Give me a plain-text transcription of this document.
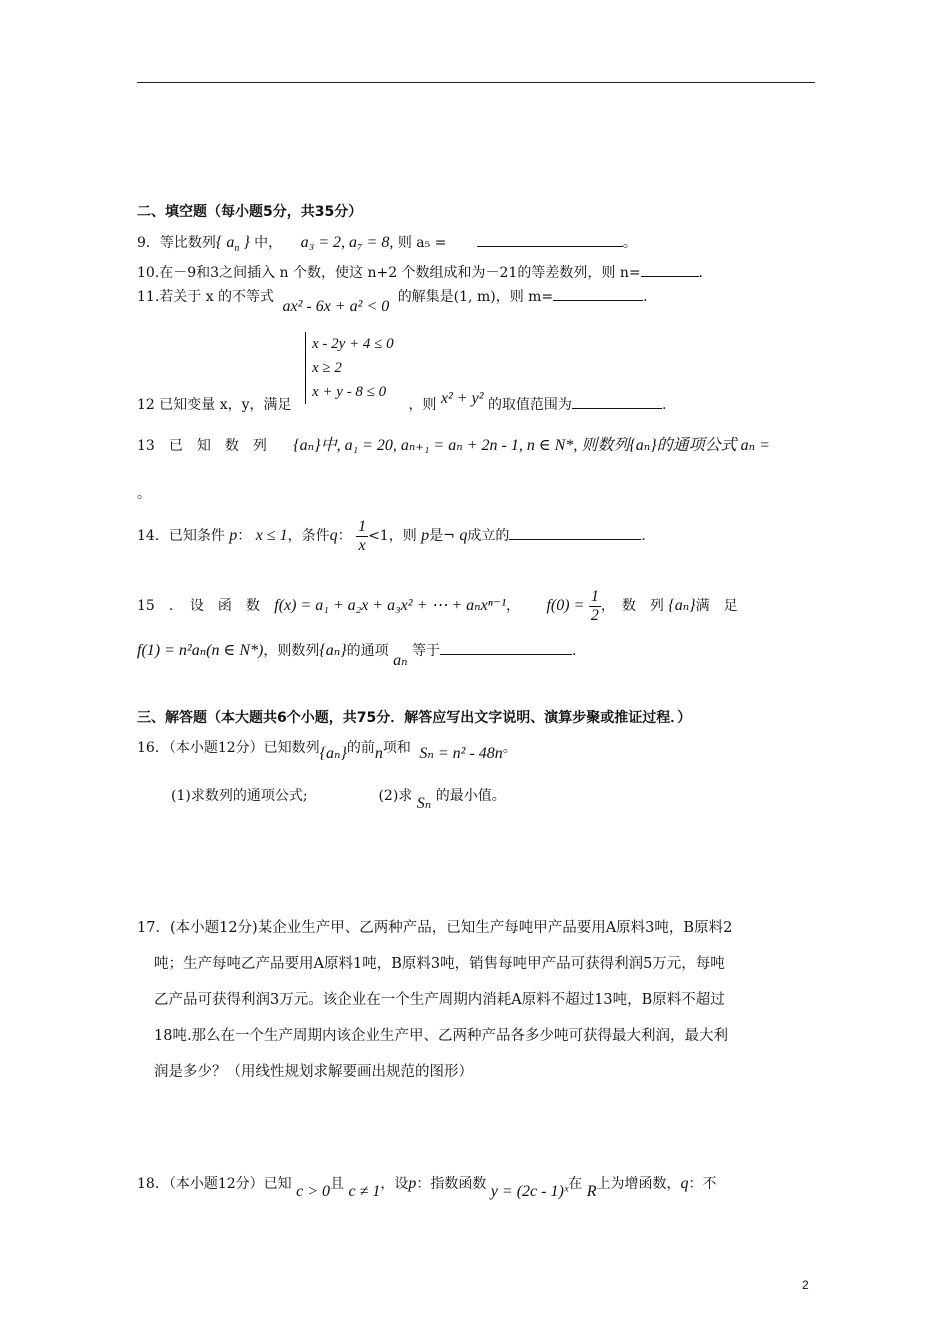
二、填空题（每小题5分，共35分）
9．等比数列{ $a_n$ } 中， a₃ = 2, a₇ = 8, 则 a₅ =	。
10.在－9和3之间插入 n 个数，使这 n+2 个数组成和为－21的等差数列，则 n=	.
11.若关于 x 的不等式 ax² - 6x + a² < 0 的解集是(1, m)，则 m=	.
x - 2y + 4 ≤ 0
x ≥ 2
x + y - 8 ≤ 0
12 已知变量 x，y，满足	，则 x² + y² 的取值范围为	.
13　已　知　数　列 {aₙ}中, a₁ = 20, aₙ₊₁ = aₙ + 2n - 1, n ∈ N*, 则数列{aₙ}的通项公式 aₙ =
。
14．已知条件 p： x ≤ 1，条件q： $\frac{1}{x} <1$，则 p是¬ q成立的	.
15　．　设　函　数 f(x) = a₁ + a₂x + a₃x² + ⋯ + aₙxⁿ⁻¹， $f(0) = \frac{1}{2}$ ，　数　列 {aₙ}满　足
f(1) = n²aₙ(n ∈ N*)，则数列{aₙ}的通项 aₙ 等于	.
三、解答题（本大题共6个小题，共75分．解答应写出文字说明、演算步聚或推证过程．）
16．（本小题12分）已知数列{aₙ}的前n项和 Sₙ = n² - 48n。
(1)求数列的通项公式;	(2)求 Sₙ 的最小值。
17．(本小题12分)某企业生产甲、乙两种产品，已知生产每吨甲产品要用A原料3吨，B原料2
吨；生产每吨乙产品要用A原料1吨，B原料3吨，销售每吨甲产品可获得利润5万元，每吨
乙产品可获得利润3万元。该企业在一个生产周期内消耗A原料不超过13吨，B原料不超过
18吨.那么在一个生产周期内该企业生产甲、乙两种产品各多少吨可获得最大利润，最大利
润是多少？（用线性规划求解要画出规范的图形）
18．（本小题12分）已知 c > 0且 c ≠ 1，设p：指数函数 y = (2c - 1)ˣ在 R上为增函数，q：不
2
